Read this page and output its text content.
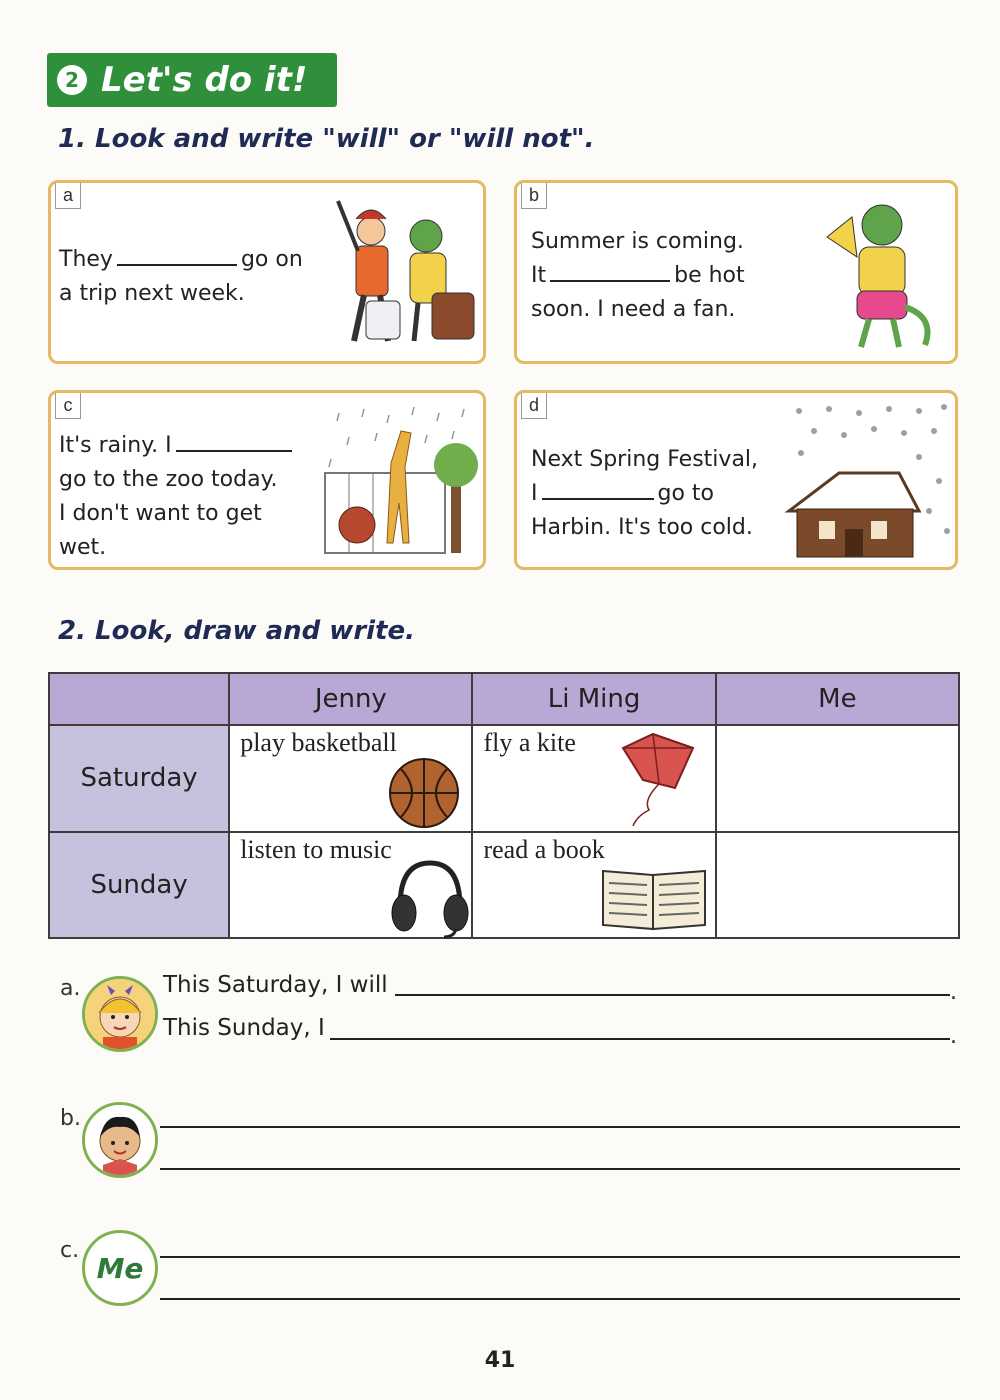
2 Let's do it!
1. Look and write "will" or "will not".
a
They	go on
a trip next week.
b
Summer is coming.
It	be hot
soon. I need a fan.
c
It's rainy. I
go to the zoo today.
I don't want to get
wet.
d
Next Spring Festival,
I	go to
Harbin. It's too cold.
2. Look, draw and write.
	Jenny	Li Ming	Me
Saturday	play basketball	fly a kite	

Sunday	listen to music	read a book	

a.	This Saturday, I will	.
This Sunday, I	.
b.
c.
Me
41
